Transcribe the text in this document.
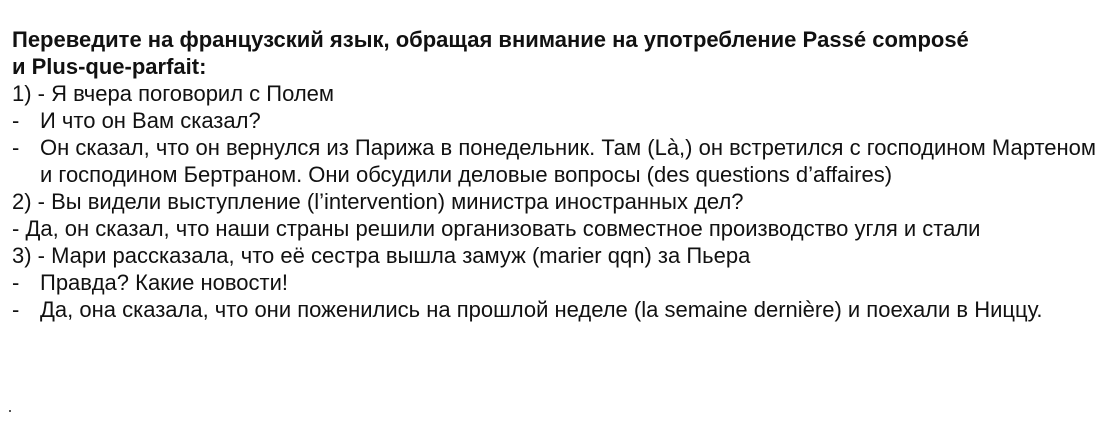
Переведите на французский язык, обращая внимание на употребление Passé composé
и Plus-que-parfait:

1) - Я вчера поговорил с Полем

- И что он Вам сказал?

- Он сказал, что он вернулся из Парижа в понедельник. Там (Là,) он встретился с господином Мартеном и господином Бертраном. Они обсудили деловые вопросы (des questions d’affaires)

2) - Вы видели выступление (l’intervention) министра иностранных дел?

- Да, он сказал, что наши страны решили организовать совместное производство угля и стали

3) - Мари рассказала, что её сестра вышла замуж (marier qqn) за Пьера

- Правда? Какие новости!

- Да, она сказала, что они поженились на прошлой неделе (la semaine dernière) и поехали в Ниццу.
